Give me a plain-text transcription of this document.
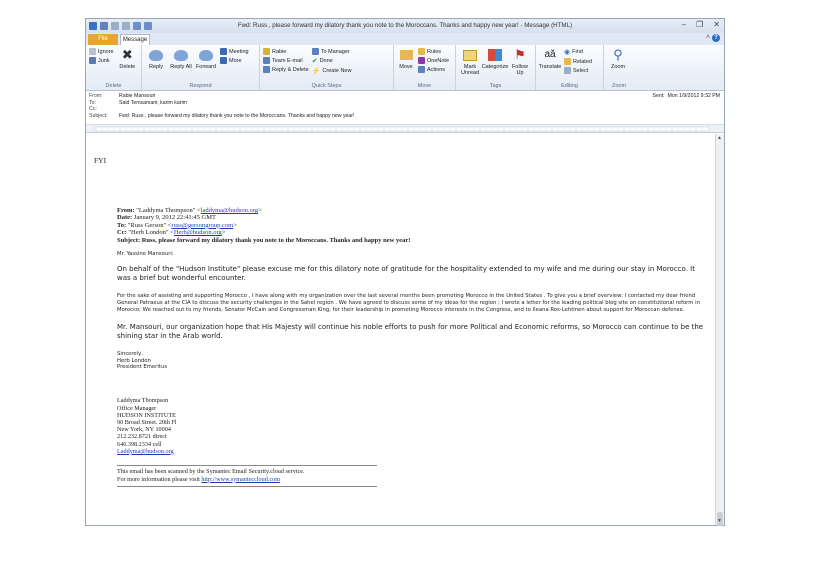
Fwd: Russ , please forward my dilatory thank you note to the Moroccans. Thanks and happy new year! - Message (HTML)	– ❐ ✕
File	Message	˄ ?
Ignore
Junk ✖
Delete
Delete
Reply Reply All Forward
Meeting
More
Respond
Rabie
Team E-mail
Reply & Delete
To Manager
✔ Done
⚡ Create New
Quick Steps
Move
Rules
OneNote
Actions
Move
Mark Unread
Categorize
⚑
Follow Up
Tags
aă
Translate
◉ Find
Related
Select
Editing
⚲
Zoom
Zoom
From:	Rabie Mansouri
To:	Said Temsamani; karim karim
Cc:
Subject:	Fwd: Russ , please forward my dilatory thank you note to the Moroccans. Thanks and happy new year!
Sent: Mon 1/9/2012 9:32 PM
FYI
From: "Laddyma Thompson" <laddyma@hudson.org>
Date: January 9, 2012 22:41:45 GMT
To: "Russ Gerson" <russ@gersongroup.com>
Cc: "Herb London" <Herb@hudson.org>
Subject: Russ, please forward my dilatory thank you note to the Moroccans. Thanks and happy new year!

Mr. Yassine Mansouri:

On behalf of the "Hudson Institute" please excuse me for this dilatory note of gratitude for the hospitality extended to my wife and me during our stay in Morocco. It was a brief but wonderful encounter.

For the sake of assisting and supporting Morocco , I have along with my organization over the last several months been promoting Morocco in the United States . To give you a brief overview: I contacted my dear friend General Patraeus at the CIA to discuss the security challenges in the Sahel region . We have agreed to discuss some of my ideas for the region ; I wrote a letter for the leading political blog site on constitutional reform in Morocco; We reached out to my friends, Senator McCain and Congressman King, for their leadership in promoting Morocco interests in the Congress, and to Ileana Ros-Lehtinen about support for Moroccan defense.

Mr. Mansouri, our organization hope that His Majesty will continue his noble efforts to push for more Political and Economic reforms, so Morocco can continue to be the shining star in the Arab world.

Sincerely,
Herb London
President Emeritus

Laddyma Thompson
Office Manager
HUDSON INSTITUTE
90 Broad Street. 20th Fl
New York, NY 10004
212.232.8721 direct
646.398.2334 cell
Laddyma@hudson.org
This email has been scanned by the Symantec Email Security.cloud service.
For more information please visit http://www.symanteccloud.com
▲
▼
